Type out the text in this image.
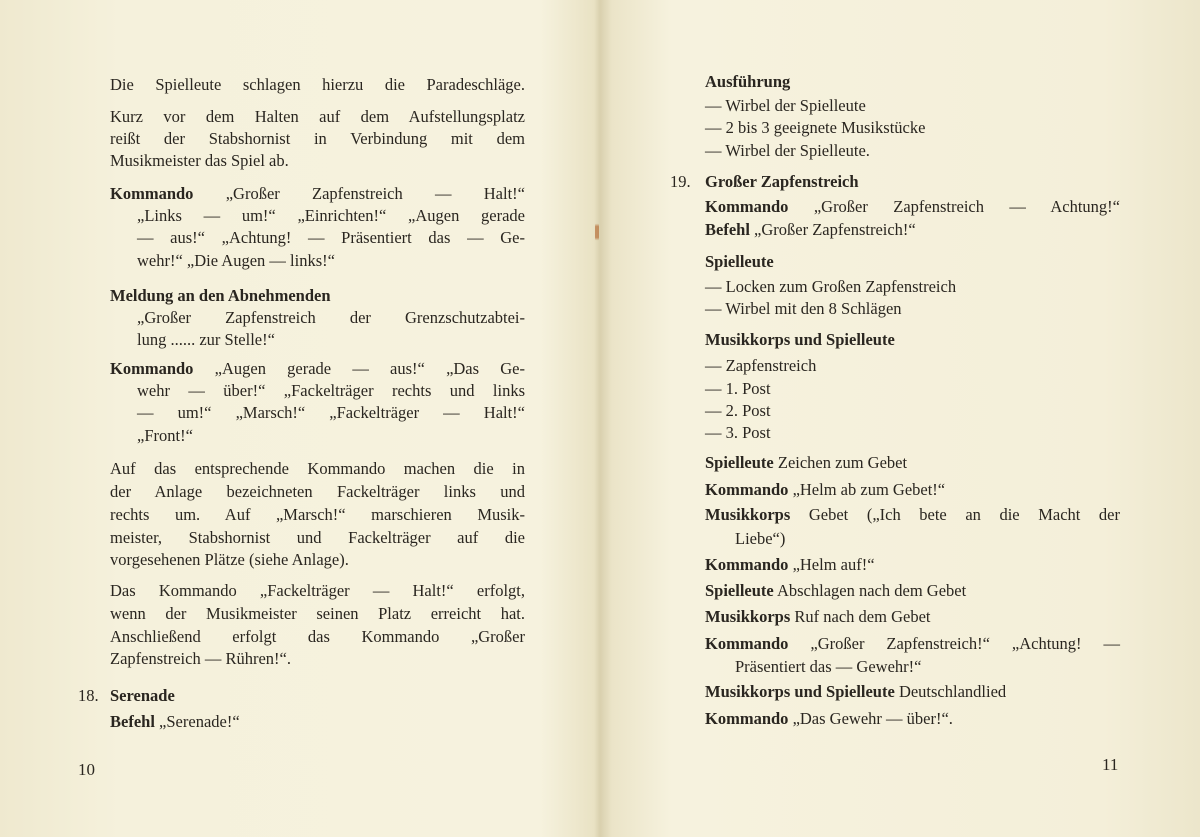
10
Die Spielleute schlagen hierzu die Paradeschläge.
Kurz vor dem Halten auf dem Aufstellungsplatz
reißt der Stabshornist in Verbindung mit dem
Musikmeister das Spiel ab.
Kommando „Großer Zapfenstreich — Halt!“
„Links — um!“ „Einrichten!“ „Augen gerade
— aus!“ „Achtung! — Präsentiert das — Ge-
wehr!“ „Die Augen — links!“
Meldung an den Abnehmenden
„Großer Zapfenstreich der Grenzschutzabtei-
lung ...... zur Stelle!“
Kommando „Augen gerade — aus!“ „Das Ge-
wehr — über!“ „Fackelträger rechts und links
— um!“ „Marsch!“ „Fackelträger — Halt!“
„Front!“
Auf das entsprechende Kommando machen die in
der Anlage bezeichneten Fackelträger links und
rechts um. Auf „Marsch!“ marschieren Musik-
meister, Stabshornist und Fackelträger auf die
vorgesehenen Plätze (siehe Anlage).
Das Kommando „Fackelträger — Halt!“ erfolgt,
wenn der Musikmeister seinen Platz erreicht hat.
Anschließend erfolgt das Kommando „Großer
Zapfenstreich — Rühren!“.
18. Serenade
Befehl „Serenade!“
11
Ausführung
— Wirbel der Spielleute
— 2 bis 3 geeignete Musikstücke
— Wirbel der Spielleute.
19. Großer Zapfenstreich
Kommando „Großer Zapfenstreich — Achtung!“
Befehl „Großer Zapfenstreich!“
Spielleute
— Locken zum Großen Zapfenstreich
— Wirbel mit den 8 Schlägen
Musikkorps und Spielleute
— Zapfenstreich
— 1. Post
— 2. Post
— 3. Post
Spielleute Zeichen zum Gebet
Kommando „Helm ab zum Gebet!“
Musikkorps Gebet („Ich bete an die Macht der
Liebe“)
Kommando „Helm auf!“
Spielleute Abschlagen nach dem Gebet
Musikkorps Ruf nach dem Gebet
Kommando „Großer Zapfenstreich!“ „Achtung! —
Präsentiert das — Gewehr!“
Musikkorps und Spielleute Deutschlandlied
Kommando „Das Gewehr — über!“.
